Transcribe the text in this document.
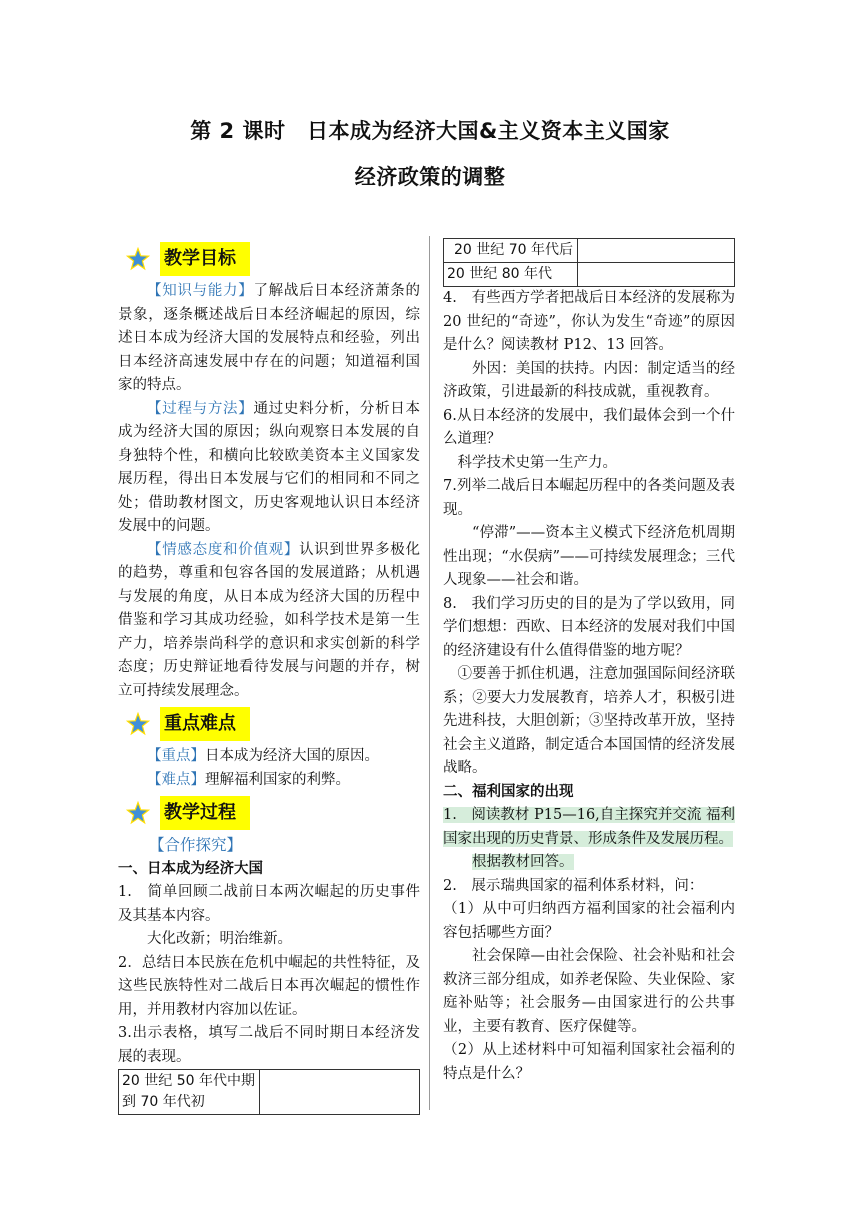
第 2 课时　日本成为经济大国&主义资本主义国家
经济政策的调整
教学目标

【知识与能力】了解战后日本经济萧条的景象，逐条概述战后日本经济崛起的原因，综述日本成为经济大国的发展特点和经验，列出日本经济高速发展中存在的问题；知道福利国家的特点。

【过程与方法】通过史料分析，分析日本成为经济大国的原因；纵向观察日本发展的自身独特个性，和横向比较欧美资本主义国家发展历程，得出日本发展与它们的相同和不同之处；借助教材图文，历史客观地认识日本经济发展中的问题。

【情感态度和价值观】认识到世界多极化的趋势，尊重和包容各国的发展道路；从机遇与发展的角度，从日本成为经济大国的历程中借鉴和学习其成功经验，如科学技术是第一生产力，培养崇尚科学的意识和求实创新的科学态度；历史辩证地看待发展与问题的并存，树立可持续发展理念。

重点难点

【重点】日本成为经济大国的原因。

【难点】理解福利国家的利弊。

教学过程

【合作探究】

一、日本成为经济大国

1.　简单回顾二战前日本两次崛起的历史事件及其基本内容。

大化改新；明治维新。

2．总结日本民族在危机中崛起的共性特征，及这些民族特性对二战后日本再次崛起的惯性作用，并用教材内容加以佐证。

3.出示表格，填写二战后不同时期日本经济发展的表现。

20 世纪 50 年代中期到 70 年代初	
20 世纪 70 年代后	
20 世纪 80 年代	

4.　有些西方学者把战后日本经济的发展称为 20 世纪的“奇迹”，你认为发生“奇迹”的原因是什么？阅读教材 P12、13 回答。

外因：美国的扶持。内因：制定适当的经济政策，引进最新的科技成就，重视教育。

6.从日本经济的发展中，我们最体会到一个什么道理？

科学技术史第一生产力。

7.列举二战后日本崛起历程中的各类问题及表现。

“停滞”——资本主义模式下经济危机周期性出现；“水俣病”——可持续发展理念；三代人现象——社会和谐。

8.　我们学习历史的目的是为了学以致用，同学们想想：西欧、日本经济的发展对我们中国的经济建设有什么值得借鉴的地方呢？

①要善于抓住机遇，注意加强国际间经济联系；②要大力发展教育，培养人才，积极引进先进科技，大胆创新；③坚持改革开放，坚持社会主义道路，制定适合本国国情的经济发展战略。

二、福利国家的出现

1.　阅读教材 P15—16,自主探究并交流 福利国家出现的历史背景、形成条件及发展历程。

根据教材回答。

2.　展示瑞典国家的福利体系材料，问：

（1）从中可归纳西方福利国家的社会福利内容包括哪些方面？

社会保障—由社会保险、社会补贴和社会救济三部分组成，如养老保险、失业保险、家庭补贴等；社会服务—由国家进行的公共事业，主要有教育、医疗保健等。

（2）从上述材料中可知福利国家社会福利的特点是什么？
